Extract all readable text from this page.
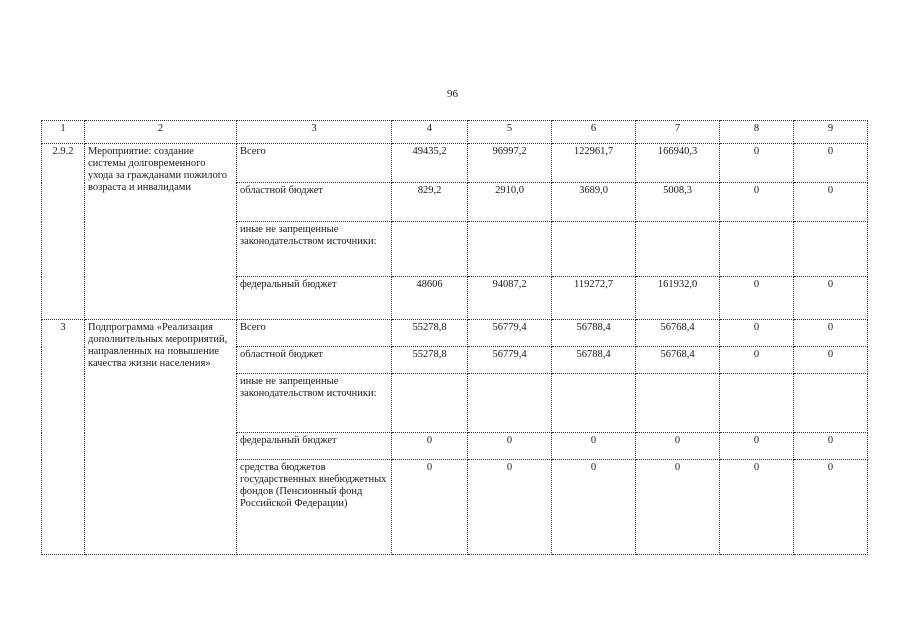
96
1	2	3	4	5	6	7	8	9
2.9.2	Мероприятие: создание системы долговременного ухода за гражданами пожилого возраста и инвалидами	Всего	49435,2	96997,2	122961,7	166940,3	0	0
		областной бюджет	829,2	2910,0	3689,0	5008,3	0	0
		иные не запрещенные законодательством источники:						
		федеральный бюджет	48606	94087,2	119272,7	161932,0	0	0
3	Подпрограмма «Реализация дополнительных мероприятий, направленных на повышение качества жизни населения»	Всего	55278,8	56779,4	56788,4	56768,4	0	0
		областной бюджет	55278,8	56779,4	56788,4	56768,4	0	0
		иные не запрещенные законодательством источники:						
		федеральный бюджет	0	0	0	0	0	0
		средства бюджетов государственных внебюджетных фондов (Пенсионный фонд Российской Федерации)	0	0	0	0	0	0
